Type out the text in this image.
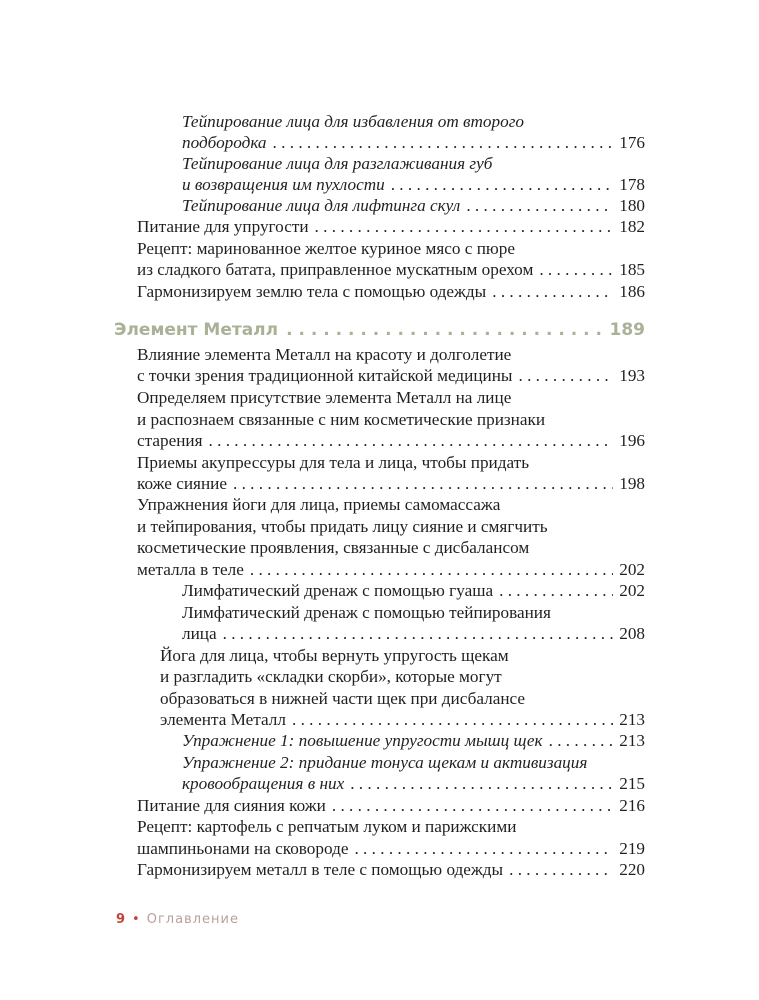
Тейпирование лица для избавления от второго
подбородка . . .	176
Тейпирование лица для разглаживания губ
и возвращения им пухлости . . .	178
Тейпирование лица для лифтинга скул . . .	180
Питание для упругости . . .	182
Рецепт: маринованное желтое куриное мясо с пюре
из сладкого батата, приправленное мускатным орехом . . .	185
Гармонизируем землю тела с помощью одежды . . .	186
Элемент Металл . . .	189
Влияние элемента Металл на красоту и долголетие
с точки зрения традиционной китайской медицины . . .	193
Определяем присутствие элемента Металл на лице
и распознаем связанные с ним косметические признаки
старения . . .	196
Приемы акупрессуры для тела и лица, чтобы придать
коже сияние . . .	198
Упражнения йоги для лица, приемы самомассажа
и тейпирования, чтобы придать лицу сияние и смягчить
косметические проявления, связанные с дисбалансом
металла в теле . . .	202
Лимфатический дренаж с помощью гуаша . . .	202
Лимфатический дренаж с помощью тейпирования
лица . . .	208
Йога для лица, чтобы вернуть упругость щекам
и разгладить «складки скорби», которые могут
образоваться в нижней части щек при дисбалансе
элемента Металл . . .	213
Упражнение 1: повышение упругости мышц щек . . .	213
Упражнение 2: придание тонуса щекам и активизация
кровообращения в них . . .	215
Питание для сияния кожи . . .	216
Рецепт: картофель с репчатым луком и парижскими
шампиньонами на сковороде . . .	219
Гармонизируем металл в теле с помощью одежды . . .	220
9 • Оглавление
